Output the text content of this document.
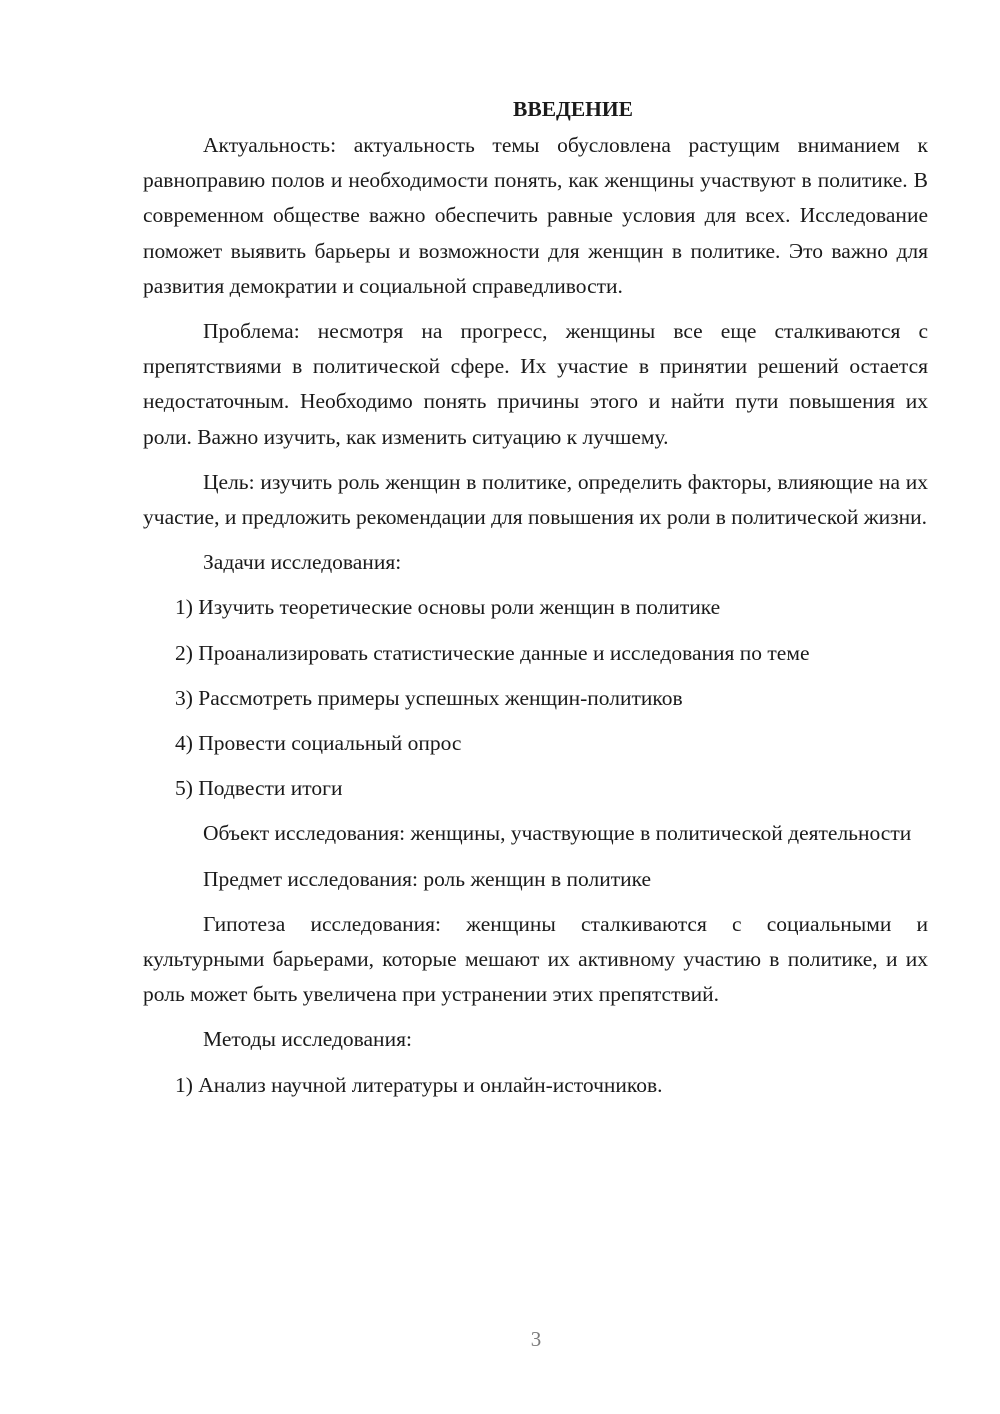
ВВЕДЕНИЕ
Актуальность: актуальность темы обусловлена растущим вниманием к равноправию полов и необходимости понять, как женщины участвуют в политике. В современном обществе важно обеспечить равные условия для всех. Исследование поможет выявить барьеры и возможности для женщин в политике. Это важно для развития демократии и социальной справедливости.
Проблема: несмотря на прогресс, женщины все еще сталкиваются с препятствиями в политической сфере. Их участие в принятии решений остается недостаточным. Необходимо понять причины этого и найти пути повышения их роли. Важно изучить, как изменить ситуацию к лучшему.
Цель: изучить роль женщин в политике, определить факторы, влияющие на их участие, и предложить рекомендации для повышения их роли в политической жизни.
Задачи исследования:
1) Изучить теоретические основы роли женщин в политике
2) Проанализировать статистические данные и исследования по теме
3) Рассмотреть примеры успешных женщин-политиков
4) Провести социальный опрос
5) Подвести итоги
Объект исследования: женщины, участвующие в политической деятельности
Предмет исследования: роль женщин в политике
Гипотеза исследования: женщины сталкиваются с социальными и культурными барьерами, которые мешают их активному участию в политике, и их роль может быть увеличена при устранении этих препятствий.
Методы исследования:
1) Анализ научной литературы и онлайн-источников.
3
